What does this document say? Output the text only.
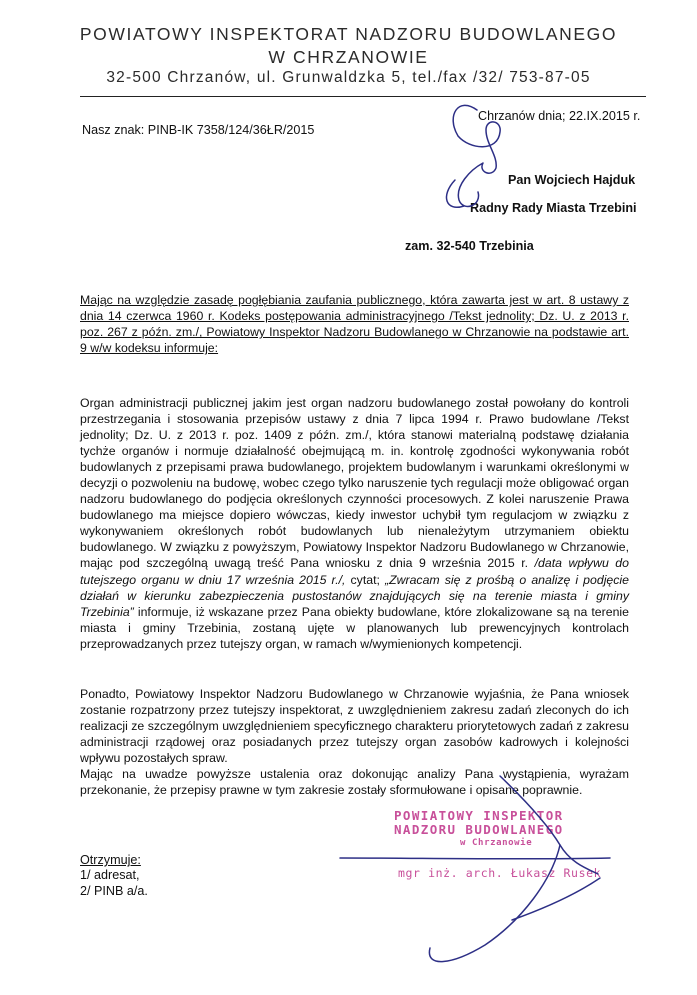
POWIATOWY INSPEKTORAT NADZORU BUDOWLANEGO
W CHRZANOWIE
32-500 Chrzanów, ul. Grunwaldzka 5, tel./fax /32/ 753-87-05
Chrzanów dnia; 22.IX.2015 r.
Nasz znak: PINB-IK 7358/124/36ŁR/2015
Pan Wojciech Hajduk
Radny Rady Miasta Trzebini
zam. 32-540 Trzebinia
Mając na względzie zasadę pogłębiania zaufania publicznego, która zawarta jest w art. 8 ustawy z dnia 14 czerwca 1960 r. Kodeks postępowania administracyjnego /Tekst jednolity; Dz. U. z 2013 r. poz. 267 z późn. zm./, Powiatowy Inspektor Nadzoru Budowlanego w Chrzanowie na podstawie art. 9 w/w kodeksu informuje:
Organ administracji publicznej jakim jest organ nadzoru budowlanego został powołany do kontroli przestrzegania i stosowania przepisów ustawy z dnia 7 lipca 1994 r. Prawo budowlane /Tekst jednolity; Dz. U. z 2013 r. poz. 1409 z późn. zm./, która stanowi materialną podstawę działania tychże organów i normuje działalność obejmującą m. in. kontrolę zgodności wykonywania robót budowlanych z przepisami prawa budowlanego, projektem budowlanym i warunkami określonymi w decyzji o pozwoleniu na budowę, wobec czego tylko naruszenie tych regulacji może obligować organ nadzoru budowlanego do podjęcia określonych czynności procesowych. Z kolei naruszenie Prawa budowlanego ma miejsce dopiero wówczas, kiedy inwestor uchybił tym regulacjom w związku z wykonywaniem określonych robót budowlanych lub nienależytym utrzymaniem obiektu budowlanego. W związku z powyższym, Powiatowy Inspektor Nadzoru Budowlanego w Chrzanowie, mając pod szczególną uwagą treść Pana wniosku z dnia 9 września 2015 r. /data wpływu do tutejszego organu w dniu 17 września 2015 r./, cytat; „Zwracam się z prośbą o analizę i podjęcie działań w kierunku zabezpieczenia pustostanów znajdujących się na terenie miasta i gminy Trzebinia” informuje, iż wskazane przez Pana obiekty budowlane, które zlokalizowane są na terenie miasta i gminy Trzebinia, zostaną ujęte w planowanych lub prewencyjnych kontrolach przeprowadzanych przez tutejszy organ, w ramach w/wymienionych kompetencji.
Ponadto, Powiatowy Inspektor Nadzoru Budowlanego w Chrzanowie wyjaśnia, że Pana wniosek zostanie rozpatrzony przez tutejszy inspektorat, z uwzględnieniem zakresu zadań zleconych do ich realizacji ze szczególnym uwzględnieniem specyficznego charakteru priorytetowych zadań z zakresu administracji rządowej oraz posiadanych przez tutejszy organ zasobów kadrowych i kolejności wpływu pozostałych spraw.
Mając na uwadze powyższe ustalenia oraz dokonując analizy Pana wystąpienia, wyrażam przekonanie, że przepisy prawne w tym zakresie zostały sformułowane i opisane poprawnie.
POWIATOWY INSPEKTOR
NADZORU BUDOWLANEGO
w Chrzanowie
mgr inż. arch. Łukasz Rusek
Otrzymuje:
1/ adresat,
2/ PINB a/a.
